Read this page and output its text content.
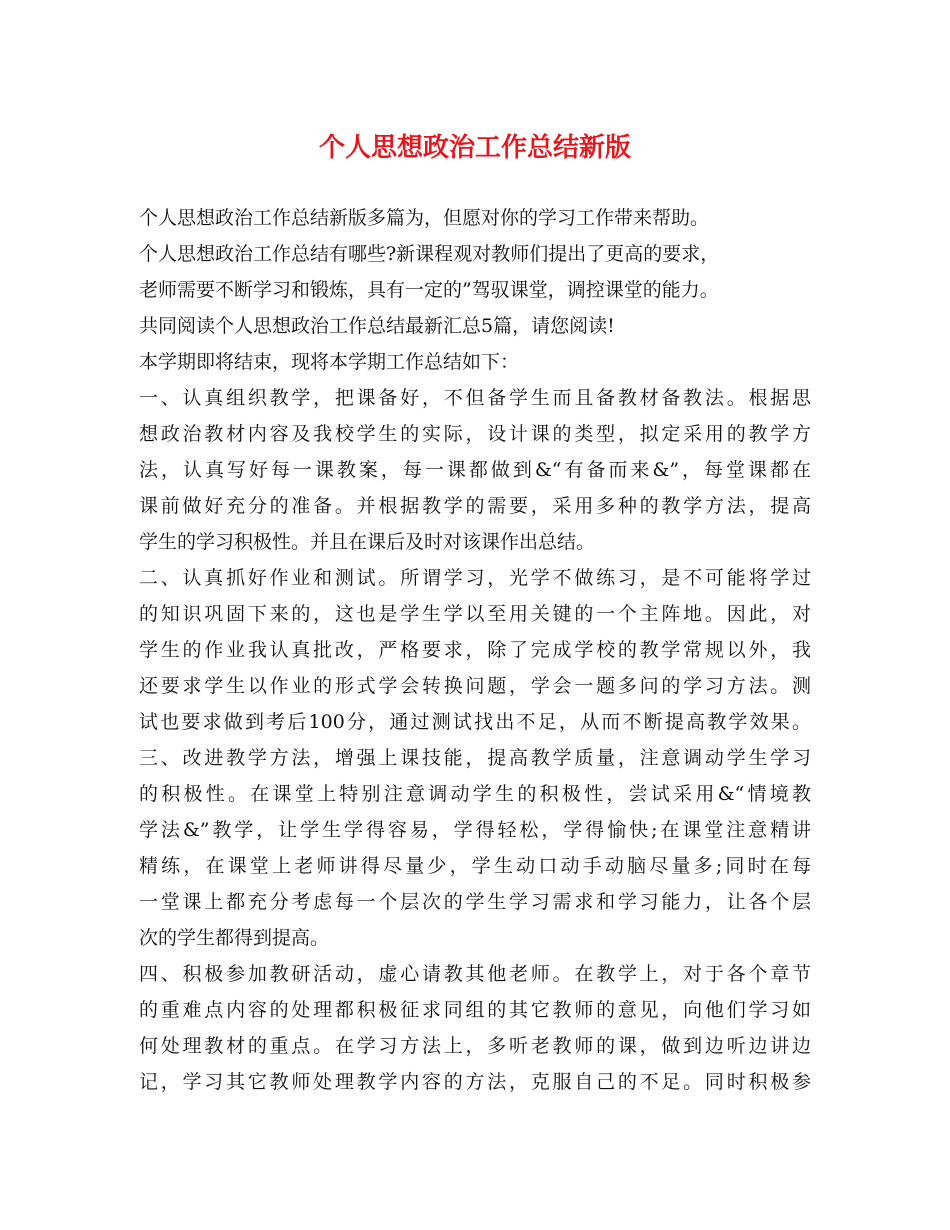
个人思想政治工作总结新版
个人思想政治工作总结新版多篇为，但愿对你的学习工作带来帮助。
个人思想政治工作总结有哪些?新课程观对教师们提出了更高的要求，
老师需要不断学习和锻炼，具有一定的”驾驭课堂，调控课堂的能力。
共同阅读个人思想政治工作总结最新汇总5篇，请您阅读!
本学期即将结束，现将本学期工作总结如下：
一、认真组织教学，把课备好，不但备学生而且备教材备教法。根据思
想政治教材内容及我校学生的实际，设计课的类型，拟定采用的教学方
法，认真写好每一课教案，每一课都做到&“有备而来&”，每堂课都在
课前做好充分的准备。并根据教学的需要，采用多种的教学方法，提高
学生的学习积极性。并且在课后及时对该课作出总结。
二、认真抓好作业和测试。所谓学习，光学不做练习，是不可能将学过
的知识巩固下来的，这也是学生学以至用关键的一个主阵地。因此，对
学生的作业我认真批改，严格要求，除了完成学校的教学常规以外，我
还要求学生以作业的形式学会转换问题，学会一题多问的学习方法。测
试也要求做到考后100分，通过测试找出不足，从而不断提高教学效果。
三、改进教学方法，增强上课技能，提高教学质量，注意调动学生学习
的积极性。在课堂上特别注意调动学生的积极性，尝试采用&“情境教
学法&”教学，让学生学得容易，学得轻松，学得愉快;在课堂注意精讲
精练，在课堂上老师讲得尽量少，学生动口动手动脑尽量多;同时在每
一堂课上都充分考虑每一个层次的学生学习需求和学习能力，让各个层
次的学生都得到提高。
四、积极参加教研活动，虚心请教其他老师。在教学上，对于各个章节
的重难点内容的处理都积极征求同组的其它教师的意见，向他们学习如
何处理教材的重点。在学习方法上，多听老教师的课，做到边听边讲边
记，学习其它教师处理教学内容的方法，克服自己的不足。同时积极参
